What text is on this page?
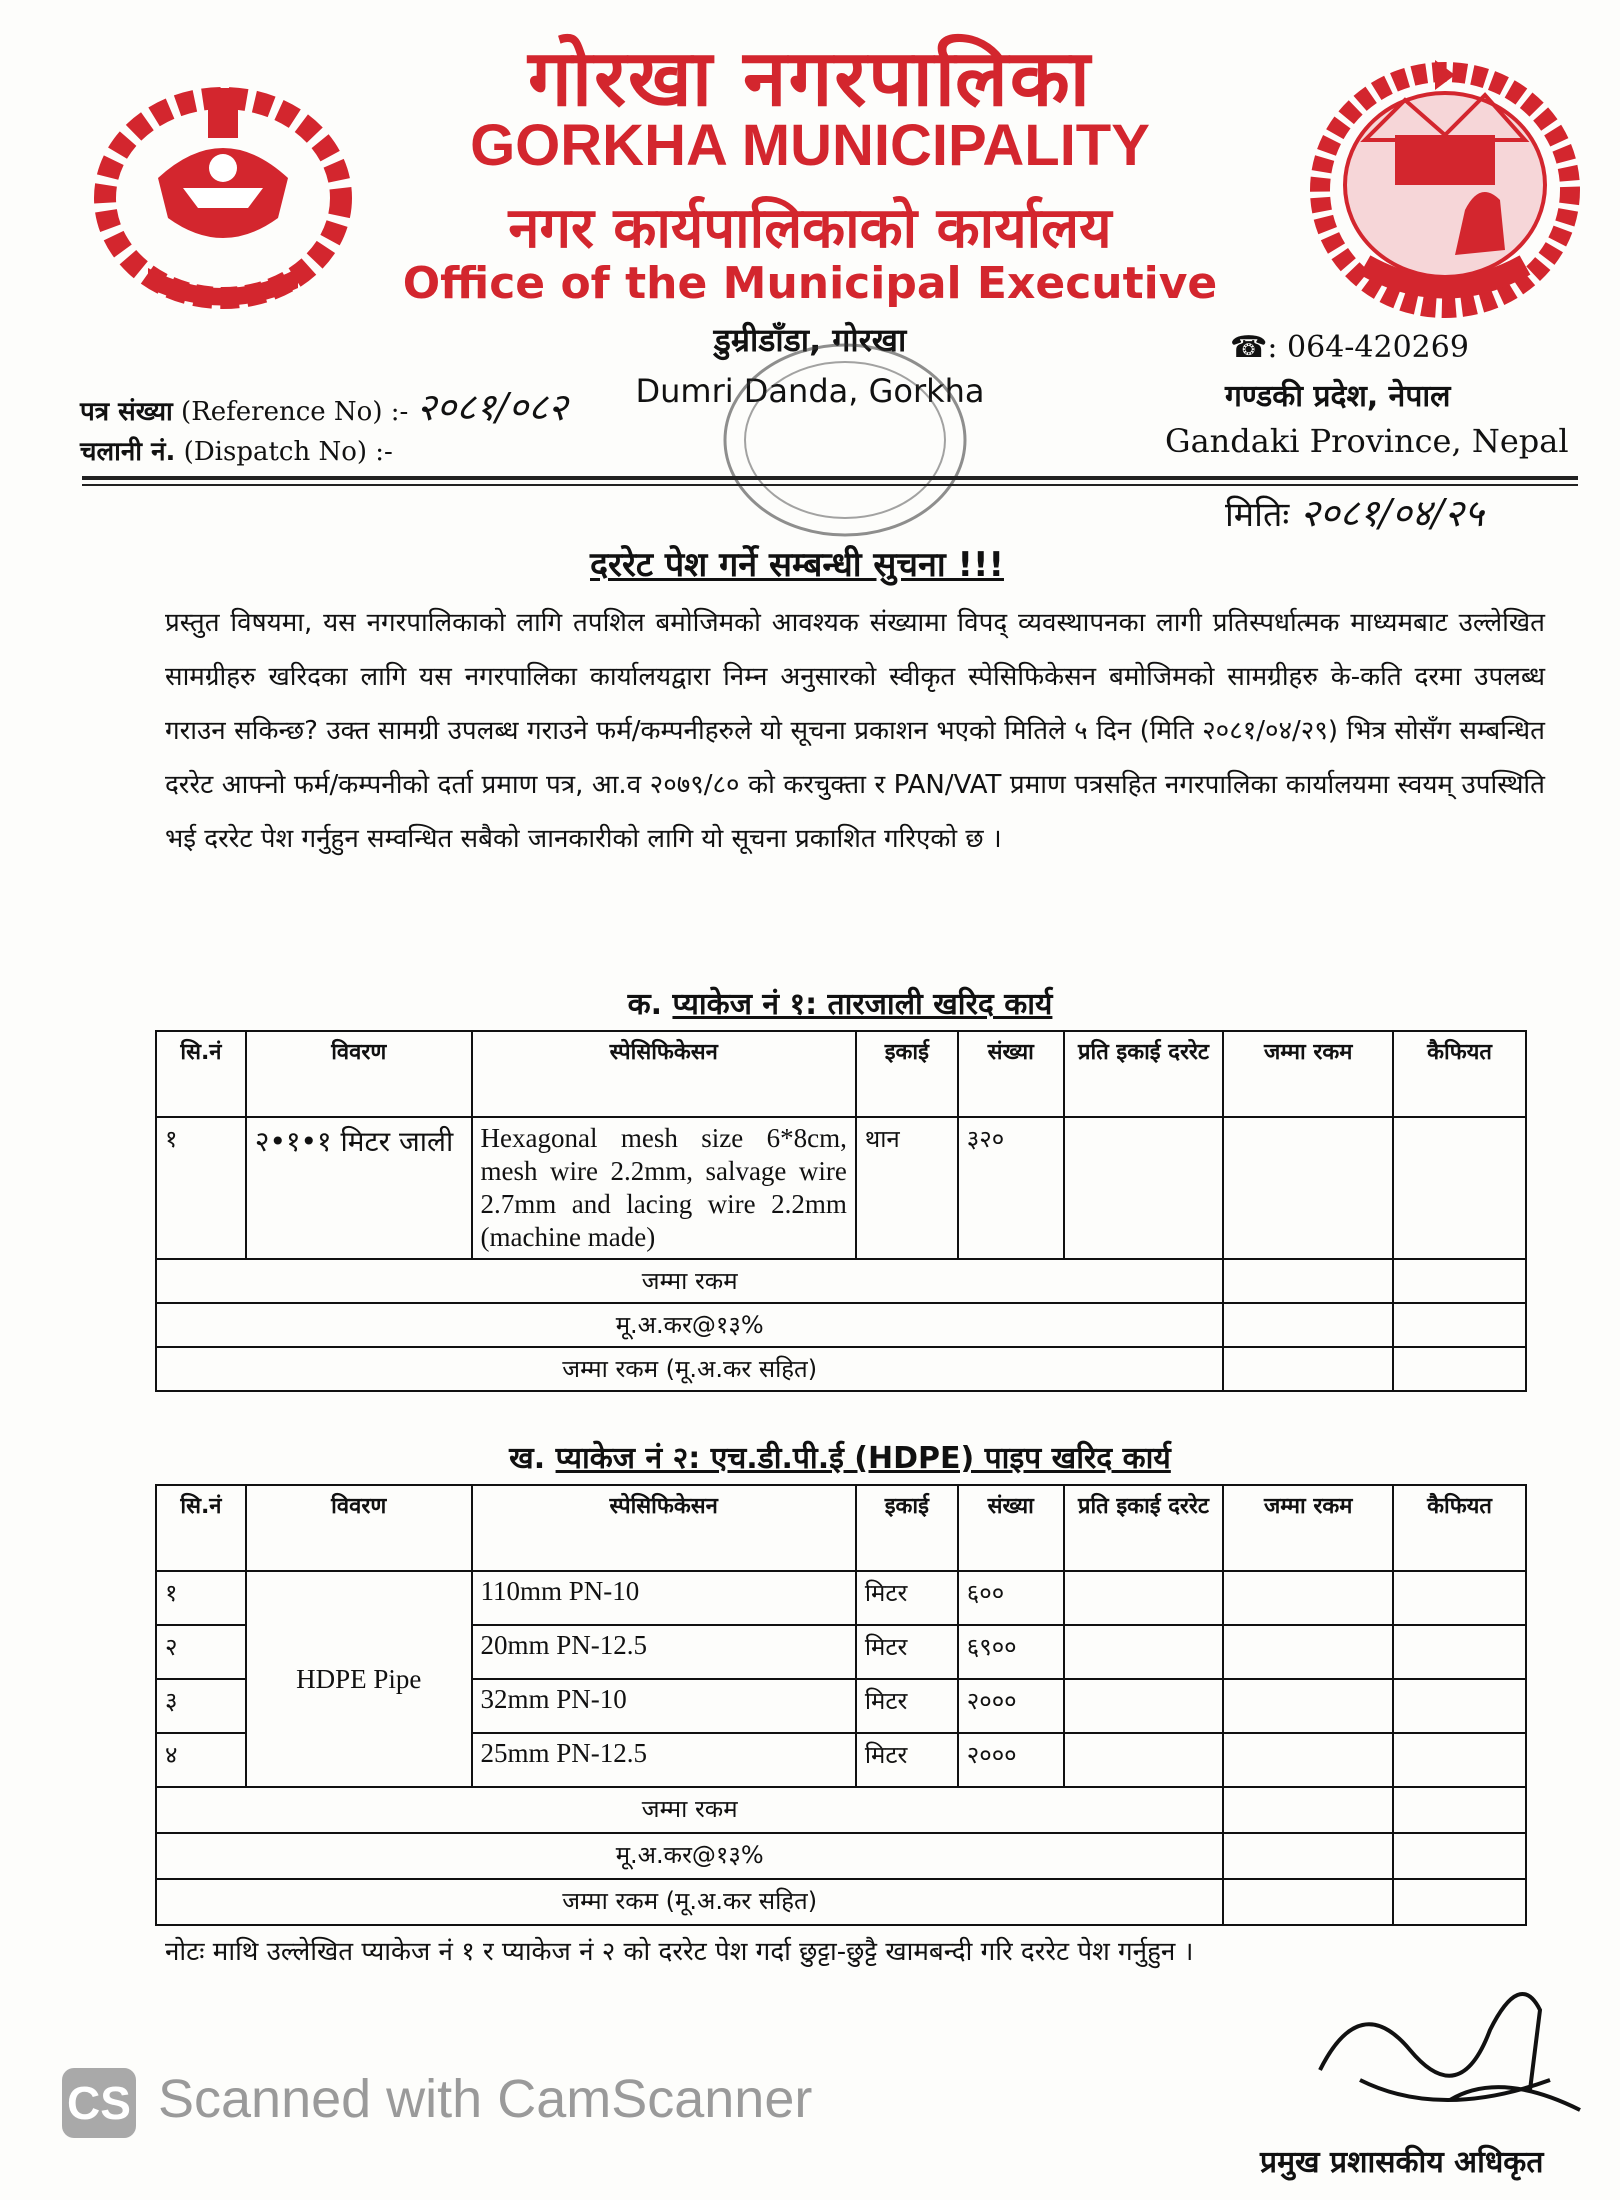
गोरखा नगरपालिका
GORKHA MUNICIPALITY
नगर कार्यपालिकाको कार्यालय
Office of the Municipal Executive
डुम्रीडाँडा, गोरखा
Dumri Danda, Gorkha
पत्र संख्या (Reference No) :- २०८१/०८२
चलानी नं. (Dispatch No) :-
☎: 064-420269
गण्डकी प्रदेश, नेपाल
Gandaki Province, Nepal
मितिः २०८१/०४/२५
दररेट पेश गर्ने सम्बन्धी सुचना !!!
प्रस्तुत विषयमा, यस नगरपालिकाको लागि तपशिल बमोजिमको आवश्यक संख्यामा विपद् व्यवस्थापनका लागी प्रतिस्पर्धात्मक माध्यमबाट उल्लेखित सामग्रीहरु खरिदका लागि यस नगरपालिका कार्यालयद्वारा निम्न अनुसारको स्वीकृत स्पेसिफिकेसन बमोजिमको सामग्रीहरु के-कति दरमा उपलब्ध गराउन सकिन्छ? उक्त सामग्री उपलब्ध गराउने फर्म/कम्पनीहरुले यो सूचना प्रकाशन भएको मितिले ५ दिन (मिति २०८१/०४/२९) भित्र सोसँग सम्बन्धित दररेट आफ्नो फर्म/कम्पनीको दर्ता प्रमाण पत्र, आ.व २०७९/८० को करचुक्ता र PAN/VAT प्रमाण पत्रसहित नगरपालिका कार्यालयमा स्वयम् उपस्थिति भई दररेट पेश गर्नुहुन सम्वन्धित सबैको जानकारीको लागि यो सूचना प्रकाशित गरिएको छ ।
क. प्याकेज नं १: तारजाली खरिद कार्य
सि.नं	विवरण	स्पेसिफिकेसन	इकाई	संख्या	प्रति इकाई दररेट	जम्मा रकम	कैफियत
१	२•१•१ मिटर जाली	Hexagonal mesh size 6*8cm, mesh wire 2.2mm, salvage wire 2.7mm and lacing wire 2.2mm (machine made)	थान	३२०			
जम्मा रकम							
मू.अ.कर@१३%							
जम्मा रकम (मू.अ.कर सहित)							
ख. प्याकेज नं २: एच.डी.पी.ई (HDPE) पाइप खरिद कार्य
सि.नं	विवरण	स्पेसिफिकेसन	इकाई	संख्या	प्रति इकाई दररेट	जम्मा रकम	कैफियत
१	HDPE Pipe	110mm PN-10	मिटर	६००			
२		20mm PN-12.5	मिटर	६९००			
३		32mm PN-10	मिटर	२०००			
४		25mm PN-12.5	मिटर	२०००			
जम्मा रकम							
मू.अ.कर@१३%							
जम्मा रकम (मू.अ.कर सहित)							
नोटः माथि उल्लेखित प्याकेज नं १ र प्याकेज नं २ को दररेट पेश गर्दा छुट्टा-छुट्टै खामबन्दी गरि दररेट पेश गर्नुहुन ।
प्रमुख प्रशासकीय अधिकृत
CS Scanned with CamScanner
